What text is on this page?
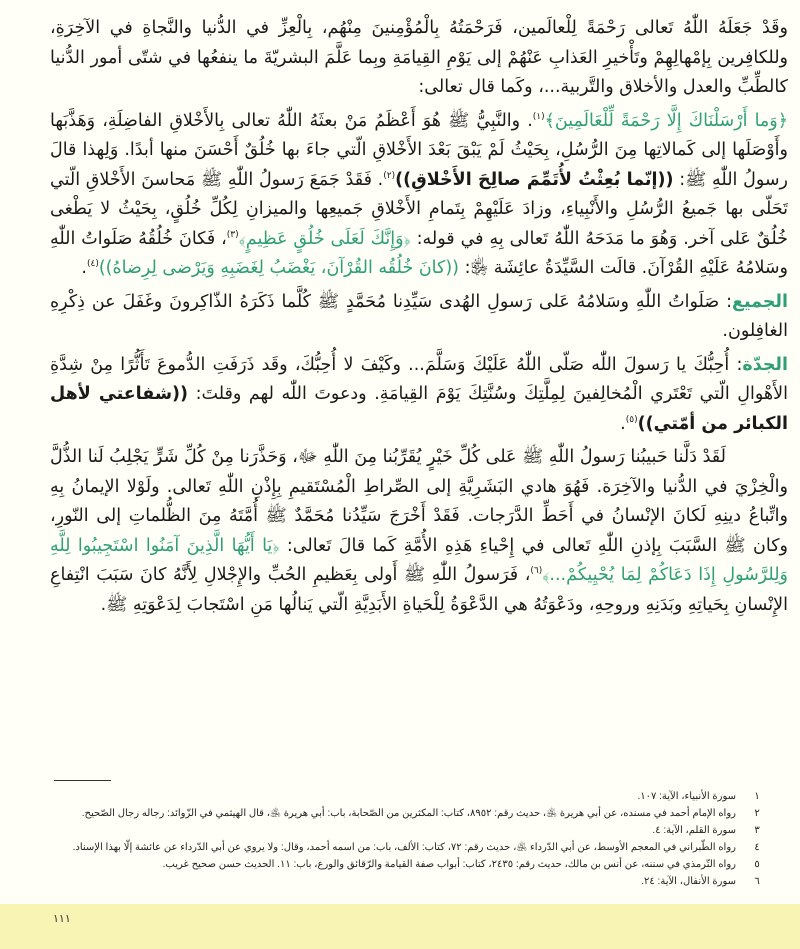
وقَدْ جَعَلَهُ اللّٰهُ تَعالى رَحْمَةً لِلْعالَمين، فَرَحْمَتُهُ بِالْمُؤْمِنينَ مِنْهُم، بِالْعِزِّ في الدُّنيا والنَّجاةِ في الآخِرَةِ، وللكافِرين بِإمْهالِهِمْ وتَأْخيرِ العَذابِ عَنْهُمْ إلى يَوْمِ القِيامَةِ وبِما عَلَّمَ البشريّةَ ما ينفعُها في شتّى أمور الدُّنيا كالطِّبِّ والعدل والأخلاق والتَّربية...، وكَما قال تعالى:

﴿وَما أَرْسَلْنَاكَ إِلَّا رَحْمَةً لِّلْعَالَمِينَ﴾$^{(١)}$. والنَّبِيُّ ﷺ هُوَ أَعْظَمُ مَنْ بعثَهُ اللّٰهُ تعالى بِالأَخْلاقِ الفاضِلَةِ، وَهَذَّبَها وأَوْصَلَها إلى كَمالاتِها مِنَ الرُّسُلِ، بِحَيْثُ لَمْ يَبْقَ بَعْدَ الأَخْلاقِ الّتي جاءَ بها خُلُقٌ أَحْسَنَ منها أبدًا. وَلِهذا قالَ رسولُ اللّٰهِ ﷺ: ((إنّما بُعِثْتُ لأُتَمِّمَ صالِحَ الأَخْلاقِ))$^{(٢)}$. فَقَدْ جَمَعَ رَسولُ اللّٰهِ ﷺ مَحاسنَ الأَخْلاقِ الّتي تَحَلّى بها جَميعُ الرُّسُلِ والأَنْبِياءِ، وزادَ عَلَيْهِمْ بِتَمامِ الأَخْلاقِ جَميعِها والميزانِ لِكُلِّ خُلُقٍ، بِحَيْثُ لا يَطْغى خُلُقٌ عَلى آخر. وَهُوَ ما مَدَحَهُ اللّٰهُ تَعالى بِهِ في قوله: ﴿وَإِنَّكَ لَعَلَى خُلُقٍ عَظِيمٍ﴾$^{(٣)}$، فَكانَ خُلُقُهُ صَلَواتُ اللّٰهِ وسَلامُهُ عَلَيْهِ القُرْآنَ. قالَت السَّيِّدَةُ عائِشَة ﵂: ((كانَ خُلُقُه القُرْآنَ، يَغْضَبُ لِغَضَبِهِ وَيَرْضى لِرِضاهُ))$^{(٤)}$.

الجميع: صَلَواتُ اللّٰهِ وسَلامُهُ عَلى رَسولِ الهُدى سَيِّدِنا مُحَمَّدٍ ﷺ كُلَّما ذَكَرَهُ الذّاكِرونَ وغَفَلَ عن ذِكْرِهِ الغافِلون.

الجدّة: أُحِبُّكَ يا رَسولَ اللّٰه صَلّى اللّٰهُ عَلَيْكَ وَسَلَّمَ... وكَيْفَ لا أُحِبُّكَ، وقَد ذَرَفَتِ الدُّموعَ تَأَثُّرًا مِنْ شِدَّةِ الأَهْوالِ الّتي تَعْتَري الْمُخالِفينَ لِمِلَّتِكَ وسُنَّتِكَ يَوْمَ القِيامَةِ. ودعوتَ اللّٰه لهم وقلتَ: ((شفاعتي لأهل الكبائر من أمّتي))$^{(٥)}$.

لَقَدْ دَلَّنا حَبيبُنا رَسولُ اللّٰهِ ﷺ عَلى كُلِّ خَيْرٍ يُقَرِّبُنا مِنَ اللّٰهِ ﷻ، وَحَذَّرَنا مِنْ كُلِّ شَرٍّ يَجْلِبُ لَنا الذُّلَّ والْخِزْيَ في الدُّنيا والآخِرَة. فَهُوَ هادي البَشَرِيَّةِ إلى الصِّراطِ الْمُسْتَقيمِ بِإِذْنِ اللّٰهِ تَعالى. ولَوْلا الإيمانُ بِهِ واتِّباعُ دينِهِ لَكانَ الإنْسانُ في أَحَطِّ الدَّرَجات. فَقَدْ أَخْرَجَ سَيِّدُنا مُحَمَّدٌ ﷺ أُمَّتَهُ مِنَ الظُّلماتِ إلى النّورِ، وكان ﷺ السَّبَبَ بِإذنِ اللّٰهِ تَعالى في إِحْياءِ هَذِهِ الأُمَّةِ كَما قالَ تَعالى: ﴿يَا أَيُّهَا الَّذِينَ آمَنُوا اسْتَجِيبُوا لِلَّهِ وَلِلرَّسُولِ إِذَا دَعَاكُمْ لِمَا يُحْيِيكُمْ...﴾$^{(٦)}$، فَرَسولُ اللّٰهِ ﷺ أَولى بِعَظيمِ الحُبِّ والإِجْلالِ لِأَنَّهُ كانَ سَبَبَ انْتِفاعِ الإِنْسانِ بِحَياتِهِ وبَدَنِهِ وروحِهِ، ودَعْوَتُهُ هي الدَّعْوَةُ لِلْحَياةِ الأَبَدِيَّةِ الّتي يَنالُها مَنِ اسْتَجابَ لِدَعْوَتِهِ ﷺ.

١
سورة الأنبياء، الآية: ١٠٧.
٢
رواه الإمام أحمد في مسنده، عن أبي هريرة ﵁، حديث رقم: ٨٩٥٢، كتاب: المكثرين من الصّحابة، باب: أبي هريرة ﵁، قال الهيثمي في الزّوائد: رجاله رجال الصّحيح.
٣
سورة القلم، الآية: ٤.
٤
رواه الطّبراني في المعجم الأوسط، عن أبي الدّرداء ﵁، حديث رقم: ٧٢، كتاب: الألف، باب: من اسمه أحمد، وقال: ولا يروي عن أبي الدّرداء عن عائشة إلّا بهذا الإسناد.
٥
رواه التّرمذي في سننه، عن أنس بن مالك، حديث رقم: ٢٤٣٥، كتاب: أبواب صفة القيامة والرّقائق والورع، باب: ١١. الحديث حسن صحيح غريب.
٦
سورة الأنفال، الآية: ٢٤.
١١١
